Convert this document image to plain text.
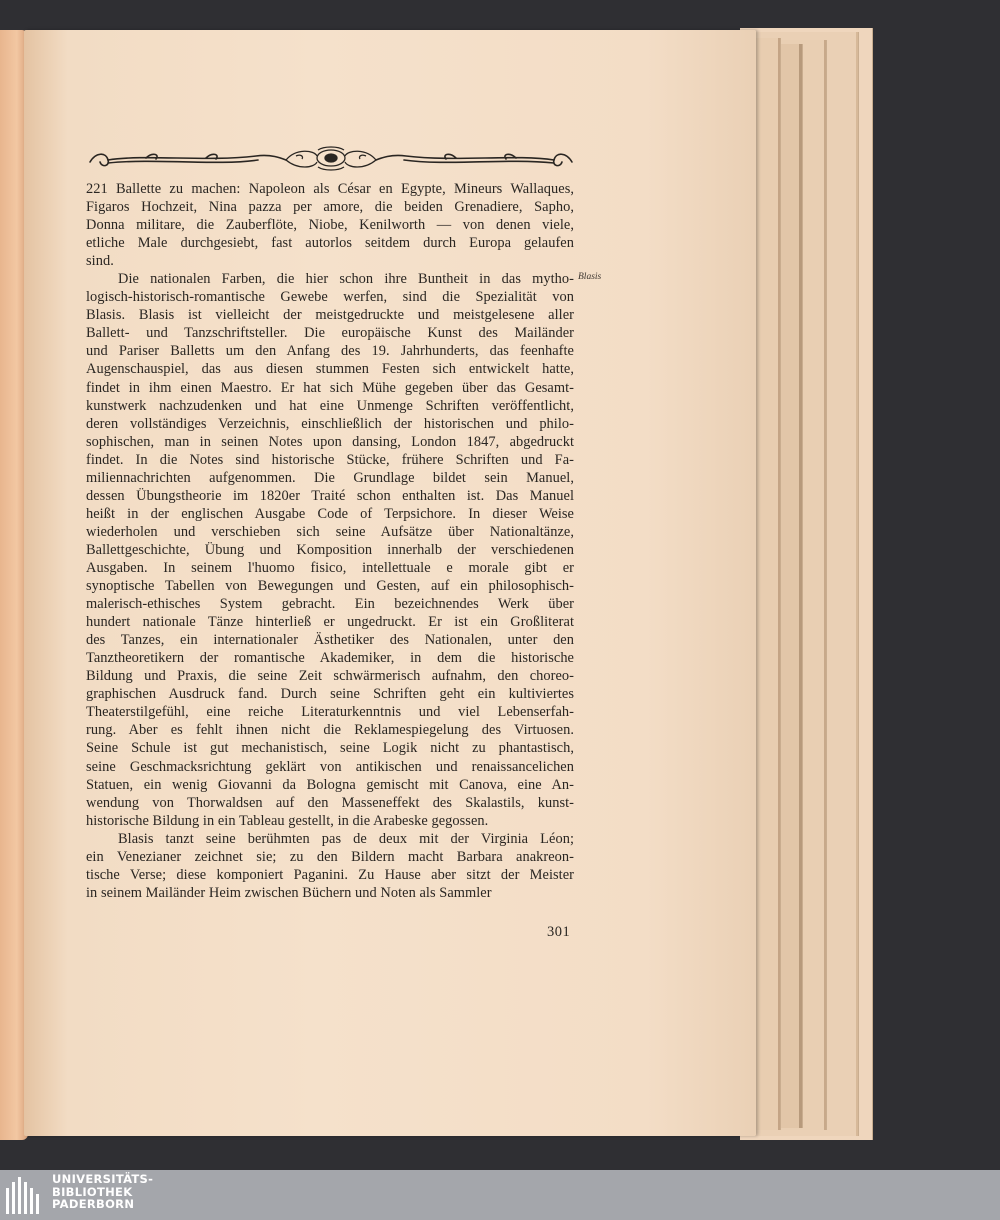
221 Ballette zu machen: Napoleon als César en Egypte, Mineurs Wallaques,
Figaros Hochzeit, Nina pazza per amore, die beiden Grenadiere, Sapho,
Donna militare, die Zauberflöte, Niobe, Kenilworth — von denen viele,
etliche Male durchgesiebt, fast autorlos seitdem durch Europa gelaufen
sind.
Die nationalen Farben, die hier schon ihre Buntheit in das mytho-
logisch-historisch-romantische Gewebe werfen, sind die Spezialität von
Blasis. Blasis ist vielleicht der meistgedruckte und meistgelesene aller
Ballett- und Tanzschriftsteller. Die europäische Kunst des Mailänder
und Pariser Balletts um den Anfang des 19. Jahrhunderts, das feenhafte
Augenschauspiel, das aus diesen stummen Festen sich entwickelt hatte,
findet in ihm einen Maestro. Er hat sich Mühe gegeben über das Gesamt-
kunstwerk nachzudenken und hat eine Unmenge Schriften veröffentlicht,
deren vollständiges Verzeichnis, einschließlich der historischen und philo-
sophischen, man in seinen Notes upon dansing, London 1847, abgedruckt
findet. In die Notes sind historische Stücke, frühere Schriften und Fa-
miliennachrichten aufgenommen. Die Grundlage bildet sein Manuel,
dessen Übungstheorie im 1820er Traité schon enthalten ist. Das Manuel
heißt in der englischen Ausgabe Code of Terpsichore. In dieser Weise
wiederholen und verschieben sich seine Aufsätze über Nationaltänze,
Ballettgeschichte, Übung und Komposition innerhalb der verschiedenen
Ausgaben. In seinem l'huomo fisico, intellettuale e morale gibt er
synoptische Tabellen von Bewegungen und Gesten, auf ein philosophisch-
malerisch-ethisches System gebracht. Ein bezeichnendes Werk über
hundert nationale Tänze hinterließ er ungedruckt. Er ist ein Großliterat
des Tanzes, ein internationaler Ästhetiker des Nationalen, unter den
Tanztheoretikern der romantische Akademiker, in dem die historische
Bildung und Praxis, die seine Zeit schwärmerisch aufnahm, den choreo-
graphischen Ausdruck fand. Durch seine Schriften geht ein kultiviertes
Theaterstilgefühl, eine reiche Literaturkenntnis und viel Lebenserfah-
rung. Aber es fehlt ihnen nicht die Reklamespiegelung des Virtuosen.
Seine Schule ist gut mechanistisch, seine Logik nicht zu phantastisch,
seine Geschmacksrichtung geklärt von antikischen und renaissancelichen
Statuen, ein wenig Giovanni da Bologna gemischt mit Canova, eine An-
wendung von Thorwaldsen auf den Masseneffekt des Skalastils, kunst-
historische Bildung in ein Tableau gestellt, in die Arabeske gegossen.
Blasis tanzt seine berühmten pas de deux mit der Virginia Léon;
ein Venezianer zeichnet sie; zu den Bildern macht Barbara anakreon-
tische Verse; diese komponiert Paganini. Zu Hause aber sitzt der Meister
in seinem Mailänder Heim zwischen Büchern und Noten als Sammler
Blasis
301
UNIVERSITÄTS-
BIBLIOTHEK
PADERBORN
